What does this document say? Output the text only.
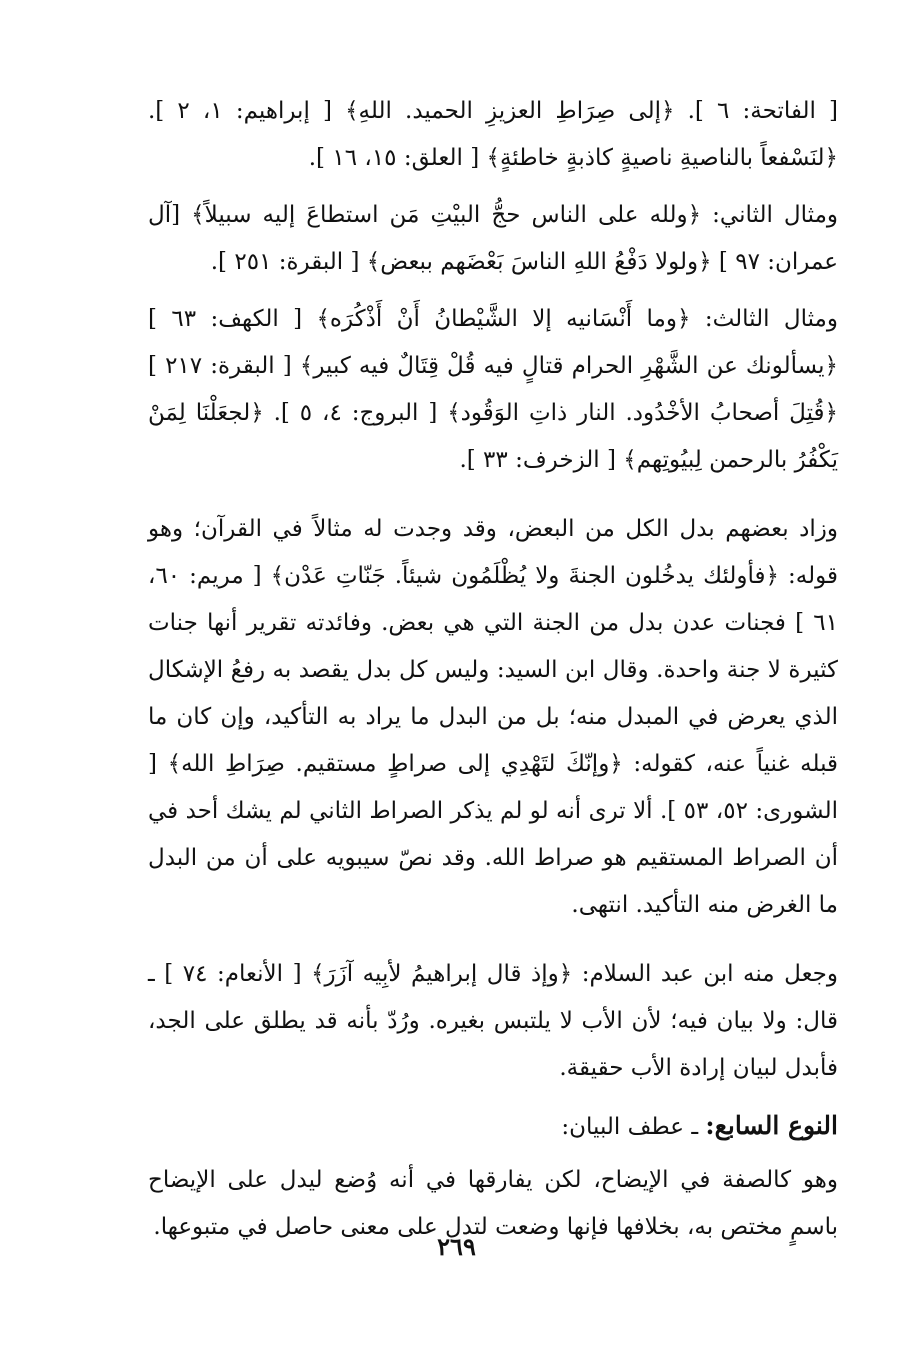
[ الفاتحة: ٦ ]. ﴿إلى صِرَاطِ العزيزِ الحميد. اللهِ﴾ [ إبراهيم: ١، ٢ ]. ﴿لنَسْفعاً بالناصيةِ ناصيةٍ كاذبةٍ خاطئةٍ﴾ [ العلق: ١٥، ١٦ ].

ومثال الثاني: ﴿ولله على الناس حجُّ البيْتِ مَن استطاعَ إليه سبيلاً﴾ [آل عمران: ٩٧ ] ﴿ولولا دَفْعُ اللهِ الناسَ بَعْضَهم ببعض﴾ [ البقرة: ٢٥١ ].

ومثال الثالث: ﴿وما أَنْسَانيه إلا الشَّيْطانُ أَنْ أَذْكُرَه﴾ [ الكهف: ٦٣ ] ﴿يسألونك عن الشَّهْرِ الحرام قتالٍ فيه قُلْ قِتَالٌ فيه كبير﴾ [ البقرة: ٢١٧ ] ﴿قُتِلَ أصحابُ الأخْدُود. النار ذاتِ الوَقُود﴾ [ البروج: ٤، ٥ ]. ﴿لجعَلْنَا لِمَنْ يَكْفُرُ بالرحمن لِبيُوتِهم﴾ [ الزخرف: ٣٣ ].

وزاد بعضهم بدل الكل من البعض، وقد وجدت له مثالاً في القرآن؛ وهو قوله: ﴿فأولئك يدخُلون الجنةَ ولا يُظْلَمُون شيئاً. جَنّاتِ عَدْن﴾ [ مريم: ٦٠، ٦١ ] فجنات عدن بدل من الجنة التي هي بعض. وفائدته تقرير أنها جنات كثيرة لا جنة واحدة. وقال ابن السيد: وليس كل بدل يقصد به رفعُ الإشكال الذي يعرض في المبدل منه؛ بل من البدل ما يراد به التأكيد، وإن كان ما قبله غنياً عنه، كقوله: ﴿وإنّكَ لتَهْدِي إلى صراطٍ مستقيم. صِرَاطِ الله﴾ [ الشورى: ٥٢، ٥٣ ]. ألا ترى أنه لو لم يذكر الصراط الثاني لم يشك أحد في أن الصراط المستقيم هو صراط الله. وقد نصّ سيبويه على أن من البدل ما الغرض منه التأكيد. انتهى.

وجعل منه ابن عبد السلام: ﴿وإذ قال إبراهيمُ لأبِيه آزَرَ﴾ [ الأنعام: ٧٤ ] ـ قال: ولا بيان فيه؛ لأن الأب لا يلتبس بغيره. ورُدّ بأنه قد يطلق على الجد، فأبدل لبيان إرادة الأب حقيقة.

النوع السابع: ـ عطف البيان:

وهو كالصفة في الإيضاح، لكن يفارقها في أنه وُضع ليدل على الإيضاح باسمٍ مختص به، بخلافها فإنها وضعت لتدل على معنى حاصل في متبوعها.

٢٦٩
